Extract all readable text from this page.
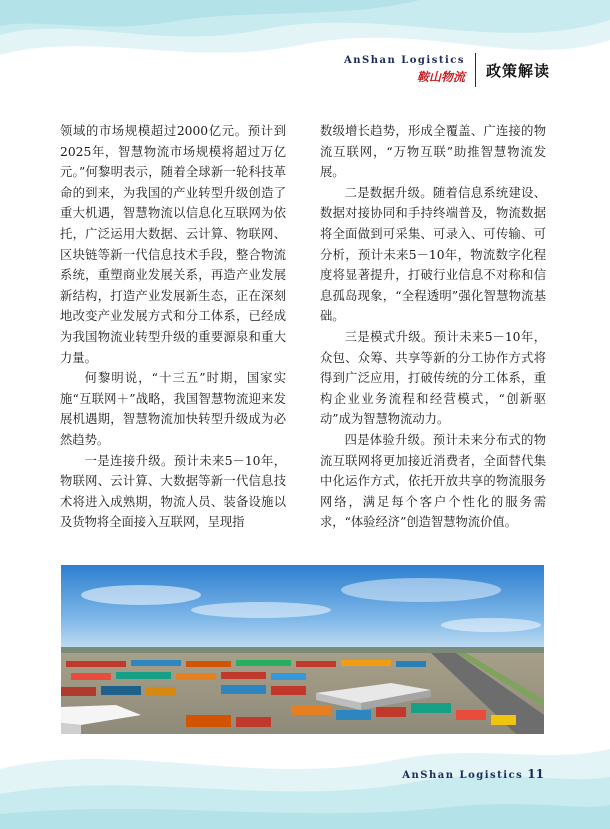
AnShan Logistics
鞍山物流 政策解读

领域的市场规模超过2000亿元。预计到2025年，智慧物流市场规模将超过万亿元。”何黎明表示，随着全球新一轮科技革命的到来，为我国的产业转型升级创造了重大机遇，智慧物流以信息化互联网为依托，广泛运用大数据、云计算、物联网、区块链等新一代信息技术手段，整合物流系统，重塑商业发展关系，再造产业发展新结构，打造产业发展新生态，正在深刻地改变产业发展方式和分工体系，已经成为我国物流业转型升级的重要源泉和重大力量。

何黎明说，“十三五”时期，国家实施“互联网＋”战略，我国智慧物流迎来发展机遇期，智慧物流加快转型升级成为必然趋势。

一是连接升级。预计未来5－10年，物联网、云计算、大数据等新一代信息技术将进入成熟期，物流人员、装备设施以及货物将全面接入互联网，呈现指

数级增长趋势，形成全覆盖、广连接的物流互联网，“万物互联”助推智慧物流发展。

二是数据升级。随着信息系统建设、数据对接协同和手持终端普及，物流数据将全面做到可采集、可录入、可传输、可分析，预计未来5－10年，物流数字化程度将显著提升，打破行业信息不对称和信息孤岛现象，“全程透明”强化智慧物流基础。

三是模式升级。预计未来5－10年，众包、众筹、共享等新的分工协作方式将得到广泛应用，打破传统的分工体系，重构企业业务流程和经营模式，“创新驱动”成为智慧物流动力。

四是体验升级。预计未来分布式的物流互联网将更加接近消费者，全面替代集中化运作方式，依托开放共享的物流服务网络，满足每个客户个性化的服务需求，“体验经济”创造智慧物流价值。

AnShan Logistics 11
